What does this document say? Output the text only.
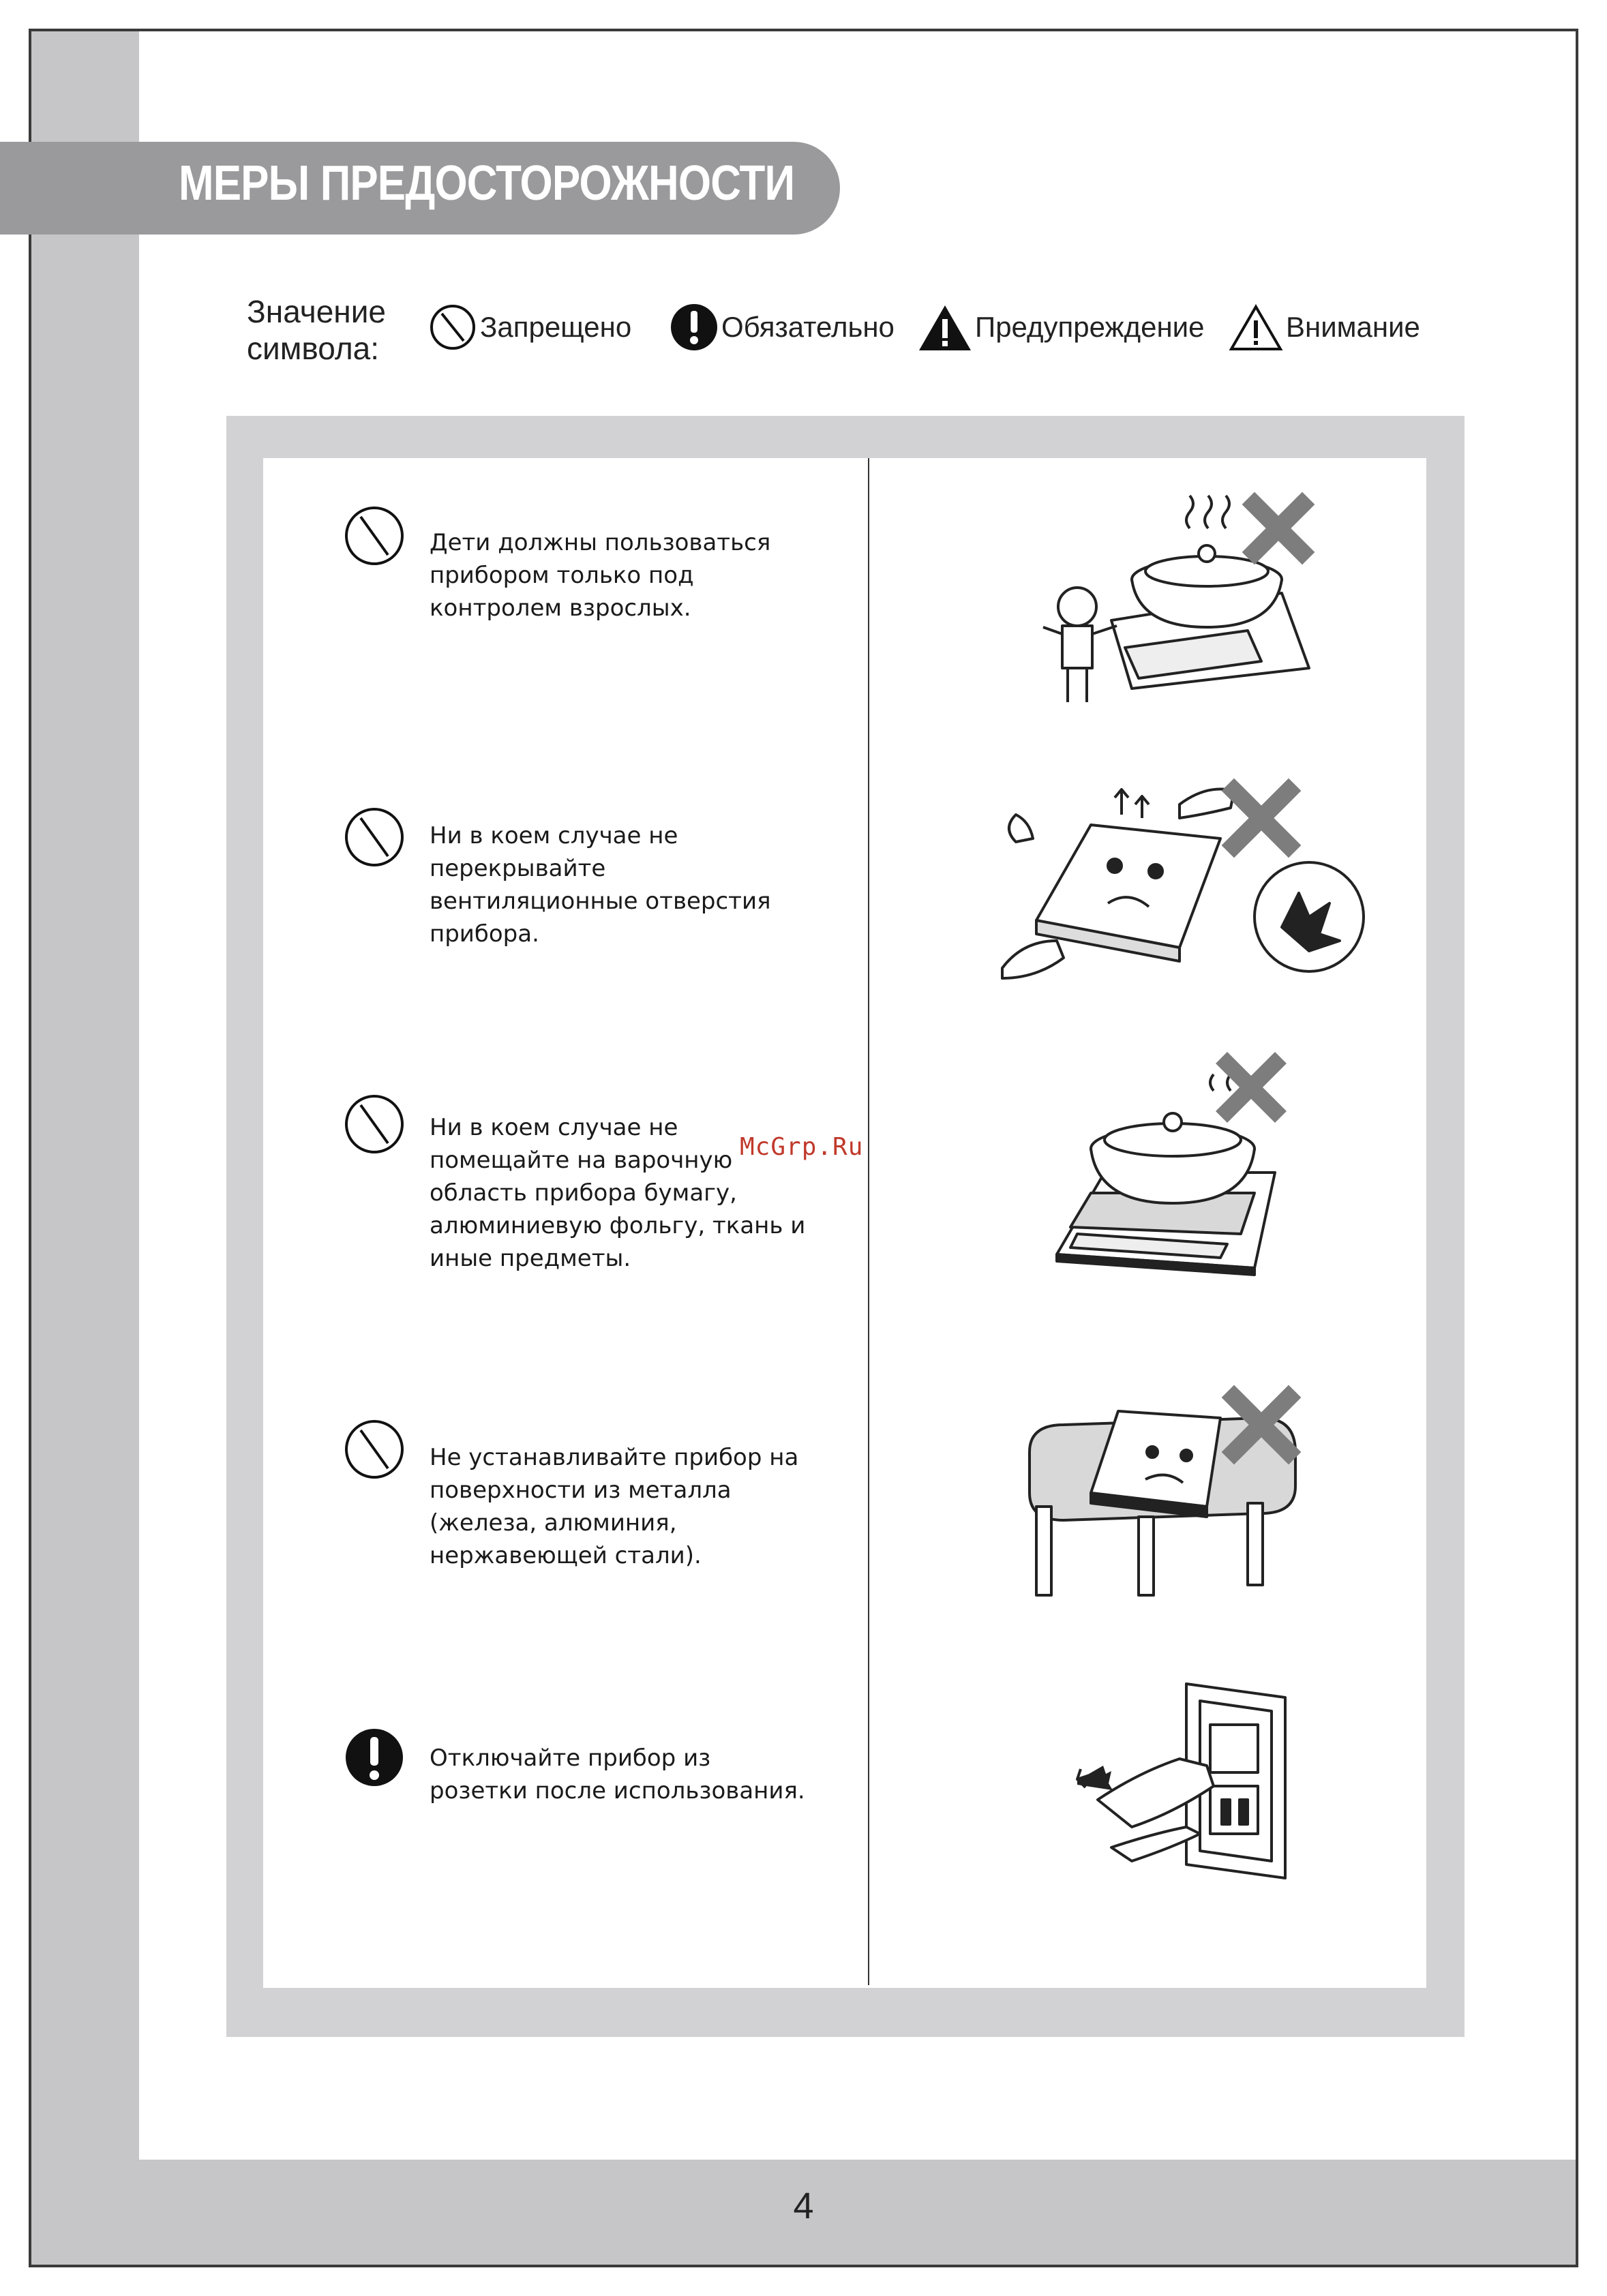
4
МЕРЫ ПРЕДОСТОРОЖНОСТИ
Значение
символа:
Запрещено	Обязательно	Предупреждение	Внимание
Дети должны пользоваться
прибором только под
контролем взрослых.
Ни в коем случае не
перекрывайте
вентиляционные отверстия
прибора.
Ни в коем случае не
помещайте на варочную
область прибора бумагу,
алюминиевую фольгу, ткань и
иные предметы.
Не устанавливайте прибор на
поверхности из металла
(железа, алюминия,
нержавеющей стали).
Отключайте прибор из
розетки после использования.
McGrp.Ru
